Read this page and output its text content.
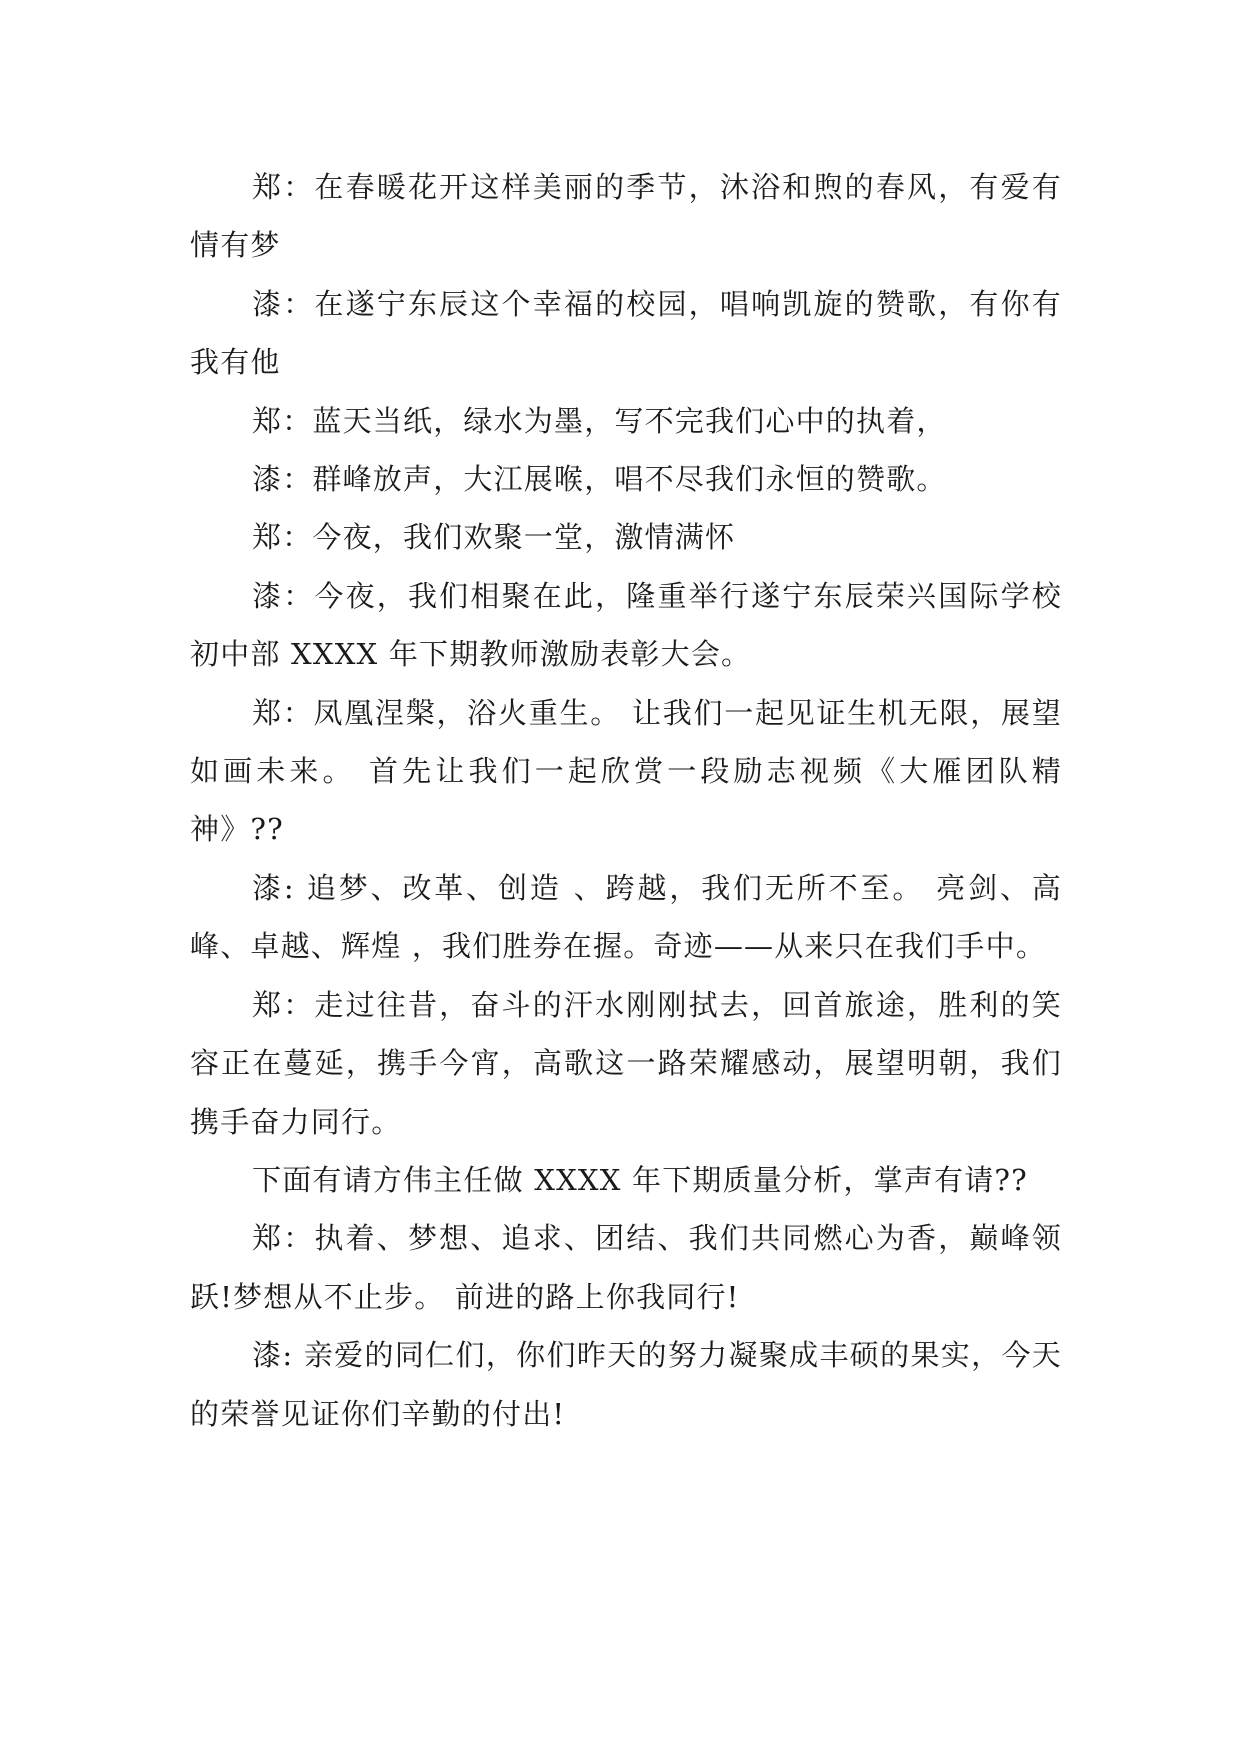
郑：在春暖花开这样美丽的季节，沐浴和煦的春风，有爱有情有梦

漆：在遂宁东辰这个幸福的校园，唱响凯旋的赞歌，有你有我有他

郑：蓝天当纸，绿水为墨，写不完我们心中的执着，

漆：群峰放声，大江展喉，唱不尽我们永恒的赞歌。

郑：今夜，我们欢聚一堂，激情满怀

漆：今夜，我们相聚在此，隆重举行遂宁东辰荣兴国际学校初中部 XXXX 年下期教师激励表彰大会。

郑：凤凰涅槃，浴火重生。 让我们一起见证生机无限，展望如画未来。 首先让我们一起欣赏一段励志视频《大雁团队精神》??

漆: 追梦、改革、创造 、跨越，我们无所不至。 亮剑、高峰、卓越、辉煌 ，我们胜券在握。奇迹——从来只在我们手中。

郑：走过往昔，奋斗的汗水刚刚拭去，回首旅途，胜利的笑容正在蔓延，携手今宵，高歌这一路荣耀感动，展望明朝，我们携手奋力同行。

下面有请方伟主任做 XXXX 年下期质量分析，掌声有请??

郑：执着、梦想、追求、团结、我们共同燃心为香，巅峰领跃!梦想从不止步。 前进的路上你我同行!

漆: 亲爱的同仁们，你们昨天的努力凝聚成丰硕的果实，今天的荣誉见证你们辛勤的付出!
